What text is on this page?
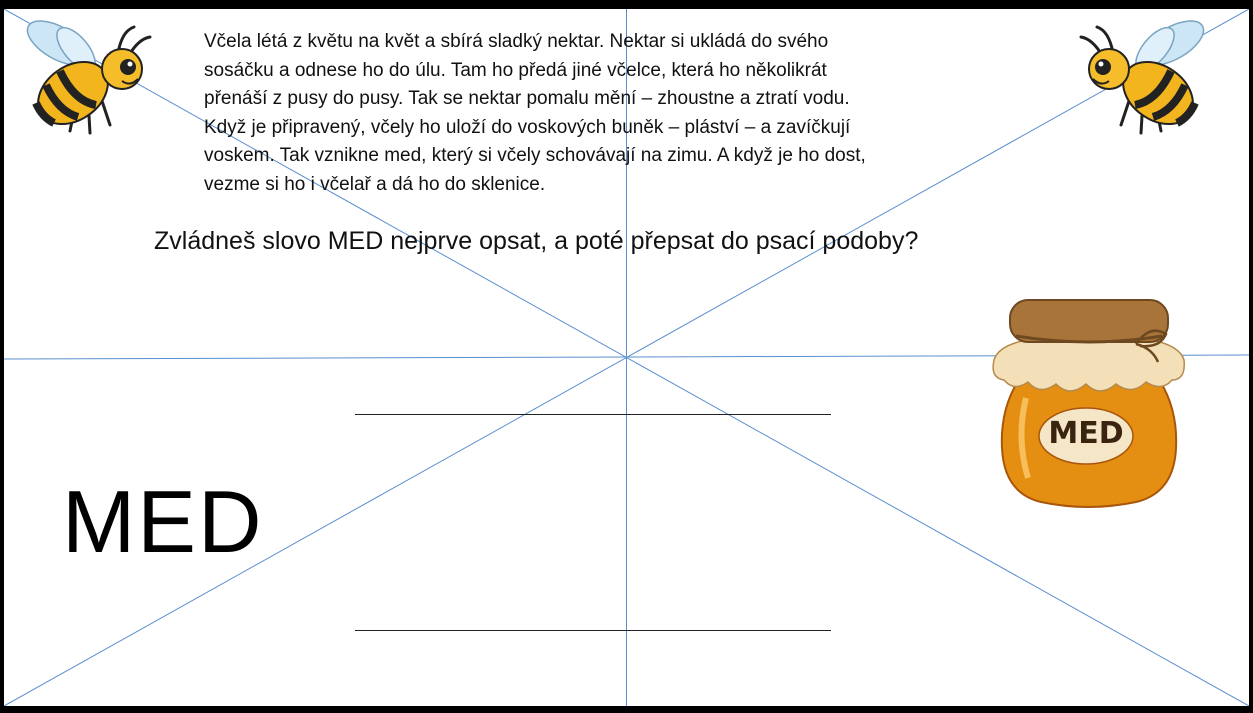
Včela létá z květu na květ a sbírá sladký nektar. Nektar si ukládá do svého
sosáčku a odnese ho do úlu. Tam ho předá jiné včelce, která ho několikrát
přenáší z pusy do pusy. Tak se nektar pomalu mění – zhoustne a ztratí vodu.
Když je připravený, včely ho uloží do voskových buněk – pláství – a zavíčkují
voskem. Tak vznikne med, který si včely schovávají na zimu. A když je ho dost,
vezme si ho i včelař a dá ho do sklenice.

Zvládneš slovo MED nejprve opsat, a poté přepsat do psací podoby?

MED
MED
